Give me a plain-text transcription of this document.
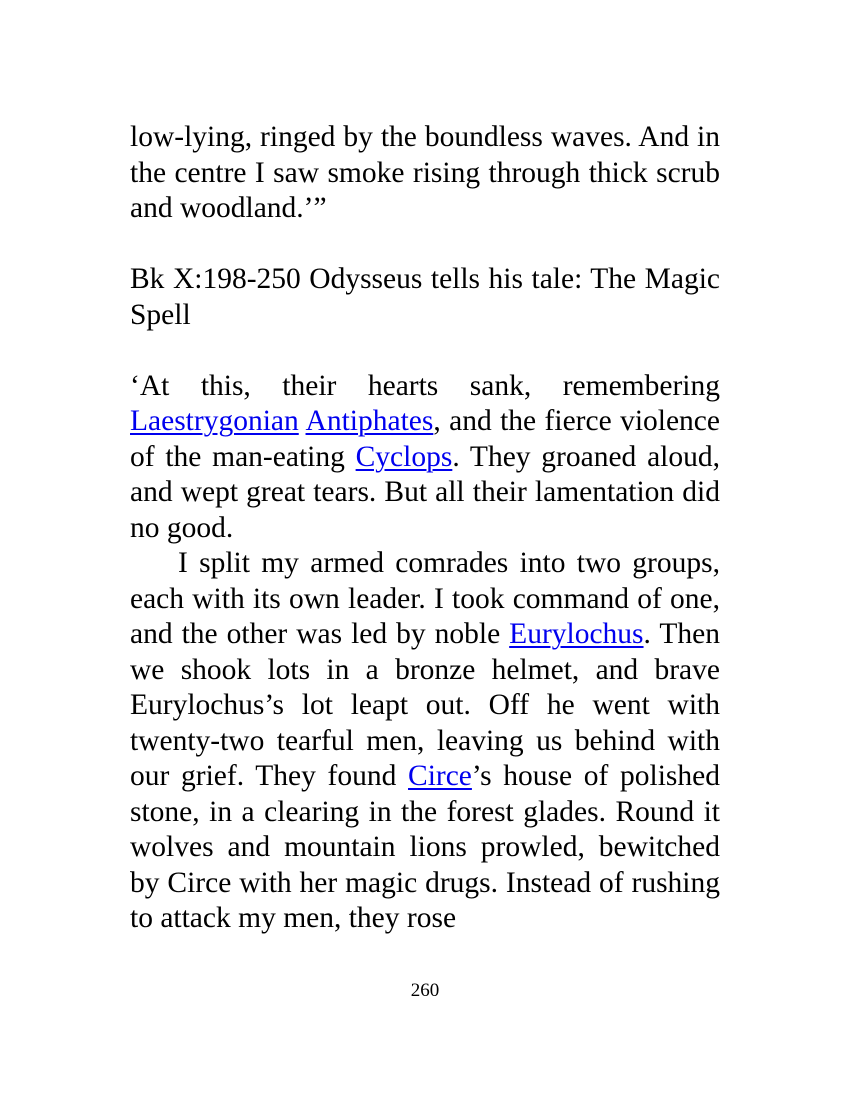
low-lying, ringed by the boundless waves. And in the centre I saw smoke rising through thick scrub and woodland.’”

Bk X:198-250 Odysseus tells his tale: The Magic Spell

‘At this, their hearts sank, remembering Laestrygonian Antiphates, and the fierce violence of the man-eating Cyclops. They groaned aloud, and wept great tears. But all their lamentation did no good.

I split my armed comrades into two groups, each with its own leader. I took command of one, and the other was led by noble Eurylochus. Then we shook lots in a bronze helmet, and brave Eurylochus’s lot leapt out. Off he went with twenty-two tearful men, leaving us behind with our grief. They found Circe’s house of polished stone, in a clearing in the forest glades. Round it wolves and mountain lions prowled, bewitched by Circe with her magic drugs. Instead of rushing to attack my men, they rose

260
